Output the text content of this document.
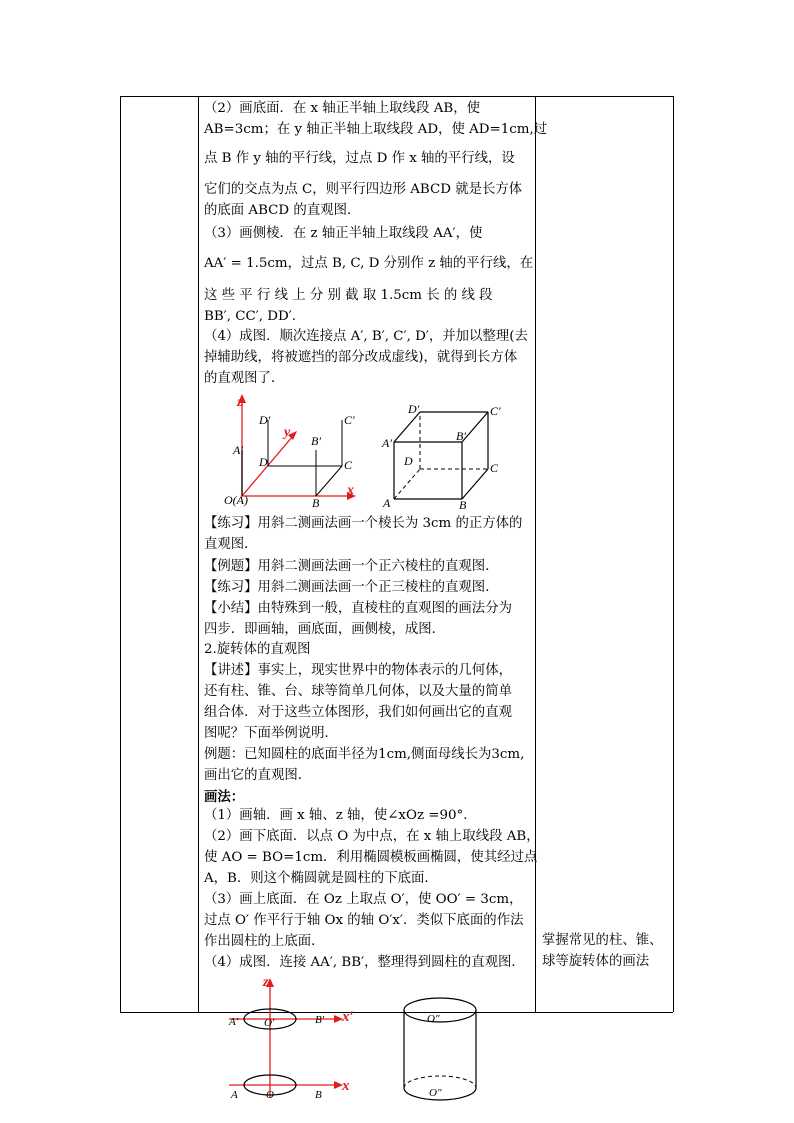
（2）画底面．在 x 轴正半轴上取线段 AB，使
AB=3cm；在 y 轴正半轴上取线段 AD，使 AD=1cm,过
点 B 作 y 轴的平行线，过点 D 作 x 轴的平行线，设
它们的交点为点 C，则平行四边形 ABCD 就是长方体
的底面 ABCD 的直观图．
（3）画侧棱．在 z 轴正半轴上取线段 AA′，使
AA′ = 1.5cm，过点 B, C, D 分别作 z 轴的平行线，在
这 些 平 行 线 上 分 别 截 取 1.5cm 长 的 线 段
BB′, CC′, DD′.
（4）成图．顺次连接点 A′, B′, C′, D′，并加以整理(去
掉辅助线，将被遮挡的部分改成虚线)，就得到长方体
的直观图了．
【练习】用斜二测画法画一个棱长为 3cm 的正方体的
直观图．
【例题】用斜二测画法画一个正六棱柱的直观图．
【练习】用斜二测画法画一个正三棱柱的直观图．
【小结】由特殊到一般，直棱柱的直观图的画法分为
四步．即画轴，画底面，画侧棱，成图．
2.旋转体的直观图
【讲述】事实上，现实世界中的物体表示的几何体，
还有柱、锥、台、球等简单几何体，以及大量的简单
组合体．对于这些立体图形，我们如何画出它的直观
图呢？下面举例说明．
例题：已知圆柱的底面半径为1cm,侧面母线长为3cm,
画出它的直观图．
画法：
（1）画轴．画 x 轴、z 轴，使∠xOz =90°．
（2）画下底面．以点 O 为中点，在 x 轴上取线段 AB，
使 AO = BO=1cm．利用椭圆模板画椭圆，使其经过点
A，B．则这个椭圆就是圆柱的下底面．
（3）画上底面．在 Oz 上取点 O′，使 OO′ = 3cm，
过点 O′ 作平行于轴 Ox 的轴 O′x′．类似下底面的作法
作出圆柱的上底面．
（4）成图．连接 AA′, BB′，整理得到圆柱的直观图．
掌握常见的柱、锥、
球等旋转体的画法
z
y
x
O(A)
A′
B
B′
C
C′
D
D′
A
A′
B
B′
C
C′
D
D′
z
x′
x
A′	B′
O′
A	B
O
O″
O″
